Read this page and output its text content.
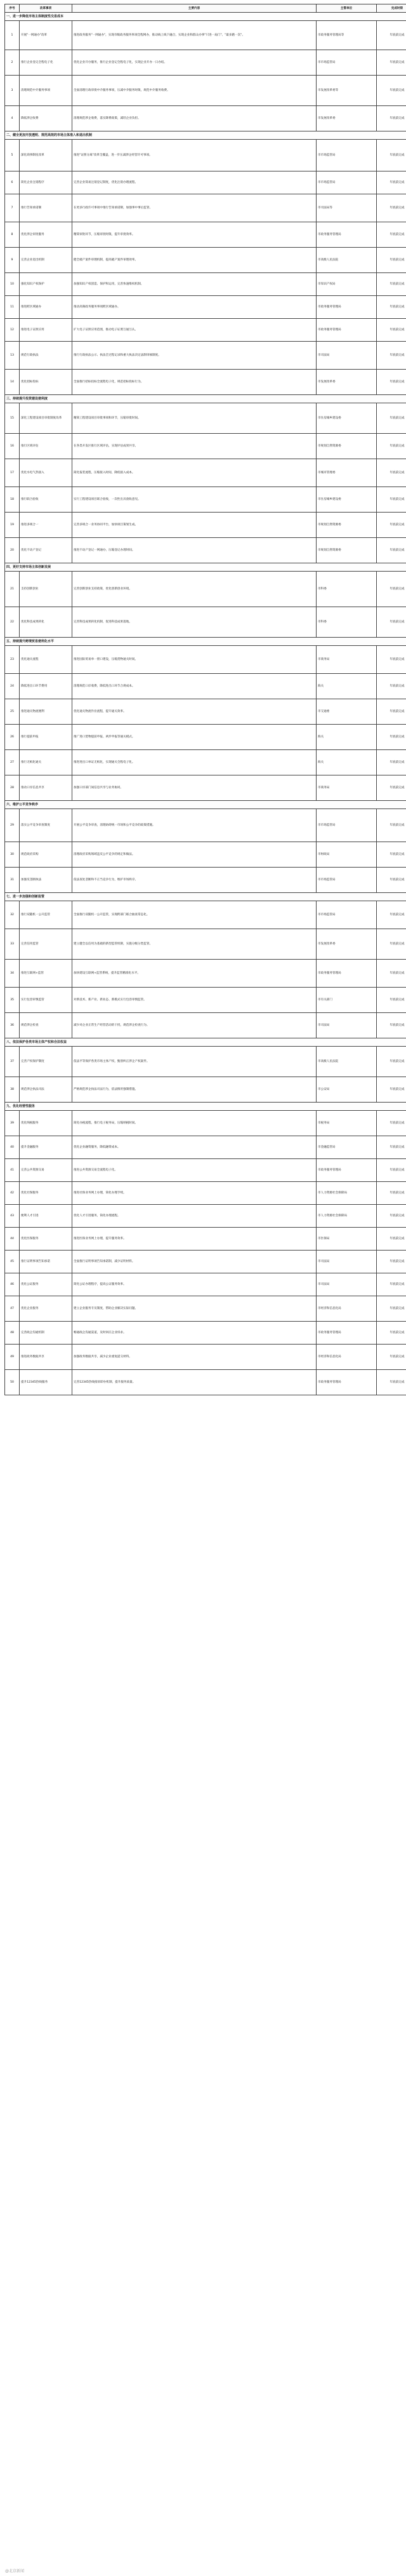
序号	改革事项	主要内容	主管单位	完成时限
一、进一步降低市场主体制度性交易成本				
1	开展"一网通办"改革	推进政务服务"一网通办"，实现市级政务服务事项全程网办，推动线上线下融合，实现企业和群众办事"只进一扇门"、"最多跑一次"。	市政务服务管理局等	年底前完成
2	推行企业登记全程电子化	优化企业开办服务，推行企业登记全程电子化，实现企业开办一日办结。	市市场监管局	年底前完成
3	清理规范中介服务事项	全面清理行政审批中介服务事项，压减中介服务时限，规范中介服务收费。	市发展改革委等	年底前完成
4	降低涉企收费	清理规范涉企收费，落实降费政策，减轻企业负担。	市发展改革委	年底前完成
二、健全更加开放透明、规范高效的市场主体准入和退出机制				
5	深化商事制度改革	推进"证照分离"改革全覆盖，进一步压减涉企经营许可事项。	市市场监管局	年底前完成
6	简化企业注销程序	完善企业简易注销登记制度，优化注销办理流程。	市市场监管局	年底前完成
7	推行告知承诺制	在更多行政许可事项中推行告知承诺制，加强事中事后监管。	市司法局等	年底前完成
8	优化涉企审批服务	精简审批环节，压缩审批时限，提升审批效率。	市政务服务管理局	年底前完成
9	完善企业退出机制	健全破产案件审理机制，提高破产案件审理效率。	市高级人民法院	年底前完成
10	强化知识产权保护	加强知识产权创造、保护和运用，完善快速维权机制。	市知识产权局	年底前完成
11	推进跨区域通办	推动高频政务服务事项跨区域通办。	市政务服务管理局	年底前完成
12	推进电子证照应用	扩大电子证照应用范围，推动电子证照互通互认。	市政务服务管理局	年底前完成
13	规范行政执法	推行行政执法公示、执法全过程记录和重大执法决定法制审核制度。	市司法局	年底前完成
14	优化招标投标	全面推行招标投标全流程电子化，规范招标投标行为。	市发展改革委	年底前完成
三、持续提升投资建设便利度				
15	深化工程建设项目审批制度改革	精简工程建设项目审批事项和环节，压缩审批时间。	市住房城乡建设委	年底前完成
16	推行区域评估	在各类开发区推行区域评估，实现评估成果共享。	市规划自然资源委	年底前完成
17	优化水电气热接入	简化报装流程，压缩接入时间，降低接入成本。	市城市管理委	年底前完成
18	推行联合验收	实行工程建设项目联合验收，一次性出具验收意见。	市住房城乡建设委	年底前完成
19	推进多规合一	完善多规合一业务协同平台，加快项目策划生成。	市规划自然资源委	年底前完成
20	优化不动产登记	推进不动产登记一网通办，压缩登记办理时间。	市规划自然资源委	年底前完成
四、更好支持市场主体创新发展				
21	支持创新创业	完善创新创业支持政策，优化创新创业环境。	市科委	年底前完成
22	优化科技成果转化	完善科技成果转化机制，促进科技成果落地。	市科委	年底前完成
五、持续提升跨境贸易便利化水平				
23	优化通关流程	推进国际贸易单一窗口建设，压缩货物通关时间。	市商务局	年底前完成
24	降低进出口环节费用	清理规范口岸收费，降低进出口环节合规成本。	海关	年底前完成
25	推进通关物流便利	优化通关物流作业流程，提升通关效率。	市交通委	年底前完成
26	推行提前申报	推广进口货物提前申报、两步申报等通关模式。	海关	年底前完成
27	推行无纸化通关	推进进出口单证无纸化，实现通关全程电子化。	海关	年底前完成
28	推动口岸信息共享	加强口岸部门间信息共享与业务协同。	市商务局	年底前完成
六、维护公平竞争秩序				
29	落实公平竞争审查制度	开展公平竞争审查，清理妨碍统一市场和公平竞争的政策措施。	市市场监管局	年底前完成
30	规范政府采购	清理政府采购领域违反公平竞争的规定和做法。	市财政局	年底前完成
31	加强反垄断执法	依法查处垄断和不正当竞争行为，维护市场秩序。	市市场监管局	年底前完成
七、进一步加强和创新监管				
32	推行双随机一公开监管	全面推行双随机一公开监管，实现跨部门联合抽查常态化。	市市场监管局	年底前完成
33	完善信用监管	建立健全以信用为基础的新型监管机制，实施分级分类监管。	市发展改革委	年底前完成
34	推进互联网+监管	加快建设互联网+监管系统，提升监管精准化水平。	市政务服务管理局	年底前完成
35	实行包容审慎监管	对新技术、新产业、新业态、新模式实行包容审慎监管。	市有关部门	年底前完成
36	规范涉企检查	减少对企业正常生产经营活动的干扰，规范涉企检查行为。	市司法局	年底前完成
八、依法保护各类市场主体产权和合法权益				
37	完善产权保护制度	依法平等保护各类市场主体产权，甄别纠正涉企产权案件。	市高级人民法院	年底前完成
38	规范涉企执法司法	严格规范涉企执法司法行为，依法慎用强制措施。	市公安局	年底前完成
九、优化经营性服务				
39	优化纳税服务	简化办税流程，推行电子税务局，压缩纳税时间。	市税务局	年底前完成
40	提升金融服务	优化企业融资服务，降低融资成本。	市金融监管局	年底前完成
41	完善公共资源交易	推进公共资源交易全流程电子化。	市政务服务管理局	年底前完成
42	优化社保服务	推进社保业务网上办理，简化办理手续。	市人力资源社会保障局	年底前完成
43	便利人才引进	优化人才引进服务，简化办理流程。	市人力资源社会保障局	年底前完成
44	优化医保服务	推进医保业务网上办理，提升服务效率。	市医保局	年底前完成
45	推行证明事项告知承诺	全面推行证明事项告知承诺制，减少证明材料。	市司法局	年底前完成
46	优化公证服务	简化公证办理程序，提高公证服务效率。	市司法局	年底前完成
47	优化企业服务	建立企业服务专员制度，帮助企业解决实际问题。	市经济和信息化局	年底前完成
48	完善政企沟通机制	畅通政企沟通渠道，及时回应企业诉求。	市政务服务管理局	年底前完成
49	推进政务数据共享	加强政务数据共享，减少企业重复提交材料。	市经济和信息化局	年底前完成
50	提升12345热线服务	完善12345热线接诉即办机制，提升服务质量。	市政务服务管理局	年底前完成
@北京新闻
